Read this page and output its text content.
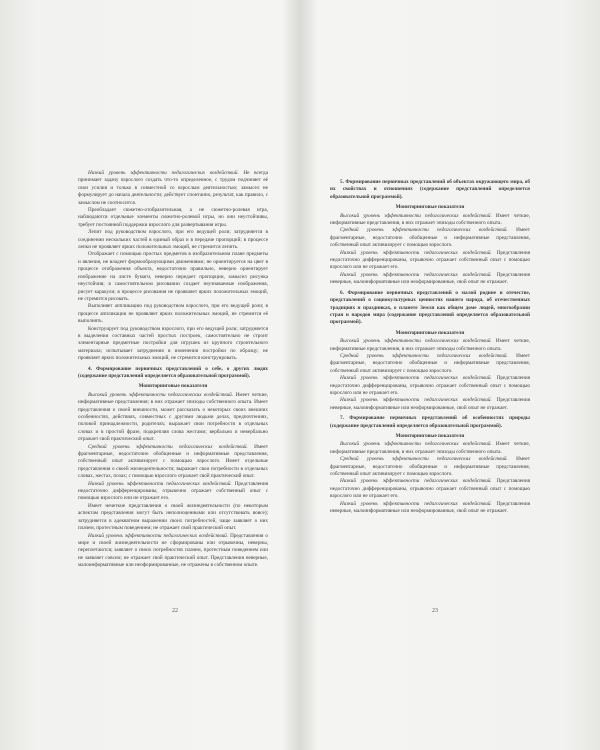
Низкий уровень эффективности педагогических воздействий. Не всегда принимает задачу взрослого создать что-то определенное, с трудом подчиняет её свои усилия и только в совместной со взрослым деятельностью; замысел не формулирует до начала деятельности; действует спонтанно, результат, как правило, с замыслом не соотносится.

Преобладает сюжетно-отобразительная, а не сюжетно-ролевая игра, наблюдаются отдельные элементы сюжетно-ролевой игры, но они неустойчивы, требует постоянной поддержки взрослого для развертывания игры.

Лепит под руководством взрослого, при его ведущей роли; затрудняется в соединении нескольких частей в единый образ и в передаче пропорций; в процессе лепки не проявляет ярких положительных эмоций, не стремится лепить.

Отображает с помощью простых предметов в изобразительном плане предметы и явления, не владеет формообразующими движениями; не ориентируется на цвет в процессе отображения объекта, недостаточно правильно, неверно ориентирует изображение на листе бумаги, неверно передает пропорции, замысел рисунка неустойчив; в самостоятельном рисовании создает неузнаваемые изображения, рисует каракули; в процессе рисования не проявляет ярких положительных эмоций, не стремится рисовать.

Выполняет аппликацию под руководством взрослого, при его ведущей роли; в процессе аппликации не проявляет ярких положительных эмоций, не стремится её выполнять.

Конструирует под руководством взрослого, при его ведущей роли; затрудняется в выделении составных частей простых построек, самостоятельно не строит элементарные предметные постройки для игрушек из крупного строительного материала; испытывает затруднения в изменении постройки по образцу; не проявляет ярких положительных эмоций, не стремится конструировать.

4. Формирование первичных представлений о себе, о других людях (содержание представлений определяется образовательной программой).

Мониторинговые показатели

Высокий уровень эффективности педагогических воздействий. Имеет четкие, информативные представления; в них отражает эпизоды собственного опыта. Имеет представления о своей внешности, может рассказать о некоторых своих внешних особенностях, действиях, совместных с другими людьми делах, предпочтениях, половой принадлежности, родителях; выражает свои потребности в отдельных словах и в простой фразе, подкрепляя слова жестами; вербально и невербально отражает свой практический опыт.

Средний уровень эффективности педагогических воздействий. Имеет фрагментарные, недостаточно обобщенные и информативные представления, собственный опыт активизирует с помощью взрослого. Имеет отдельные представления о своей жизнедеятельности; выражает свои потребности в отдельных словах, жестах, позах; с помощью взрослого отражает свой практический опыт.

Низкий уровень эффективности педагогических воздействий. Представления недостаточно дифференцированы, отрывочно отражает собственный опыт с помощью взрослого или не отражает его.

Имеет нечеткие представления о своей жизнедеятельности (по некоторым аспектам представления могут быть неполноценными или отсутствовать вовсе); затрудняется в адекватном выражении своих потребностей, чаще заявляет о них плачем, протестным поведением; не отражает свой практический опыт.

Низкий уровень эффективности педагогических воздействий. Представления о мире и своей жизнедеятельности не сформированы или отрывочны, неверны, переплетаются; заявляет о своих потребностях плачем, протестным поведением или не заявляет совсем; не отражает свой практический опыт. Представления неверные, малоинформативные или неоформированные, не отражены в собственном опыте.

22

5. Формирование первичных представлений об объектах окружающего мира, об их свойствах и отношениях (содержание представлений определяется образовательной программой).

Мониторинговые показатели

Высокий уровень эффективности педагогических воздействий. Имеет четкие, информативные представления, в них отражает эпизоды собственного опыта.

Средний уровень эффективности педагогических воздействий. Имеет фрагментарные, недостаточно обобщенные и информативные представления, собственный опыт активизирует с помощью взрослого.

Низкий уровень эффективности педагогических воздействий. Представления недостаточно дифференцированы, отрывочно отражает собственный опыт с помощью взрослого или не отражает его.

Низкий уровень эффективности педагогических воздействий. Представления неверные, малоинформативные или неоформированные, свой опыт не отражает.

6. Формирование первичных представлений о малой родине и отечестве, представлений о социокультурных ценностях нашего народа, об отечественных традициях и праздниках, о планете Земля как общем доме людей, многообразии стран и народов мира (содержание представлений определяется образовательной программой).

Мониторинговые показатели

Высокий уровень эффективности педагогических воздействий. Имеет четкие, информативные представления, в них отражает эпизоды собственного опыта.

Средний уровень эффективности педагогических воздействий. Имеет фрагментарные, недостаточно обобщенные и информативные представления, собственный опыт активизирует с помощью взрослого.

Низкий уровень эффективности педагогических воздействий. Представления недостаточно дифференцированы, отрывочно отражает собственный опыт с помощью взрослого или не отражает его.

Низкий уровень эффективности педагогических воздействий. Представления неверные, малоинформативные или неоформированные, свой опыт не отражает.

7. Формирование первичных представлений об особенностях природы (содержание представлений определяется образовательной программой).

Мониторинговые показатели

Высокий уровень эффективности педагогических воздействий. Имеет четкие, информативные представления, в них отражает эпизоды собственного опыта.

Средний уровень эффективности педагогических воздействий. Имеет фрагментарные, недостаточно обобщенные и информативные представления, собственный опыт активизирует с помощью взрослого.

Низкий уровень эффективности педагогических воздействий. Представления недостаточно дифференцированы, отрывочно отражает собственный опыт с помощью взрослого или не отражает его.

Низкий уровень эффективности педагогических воздействий. Представления неверные, малоинформативные или неоформированные, свой опыт не отражает.

23
